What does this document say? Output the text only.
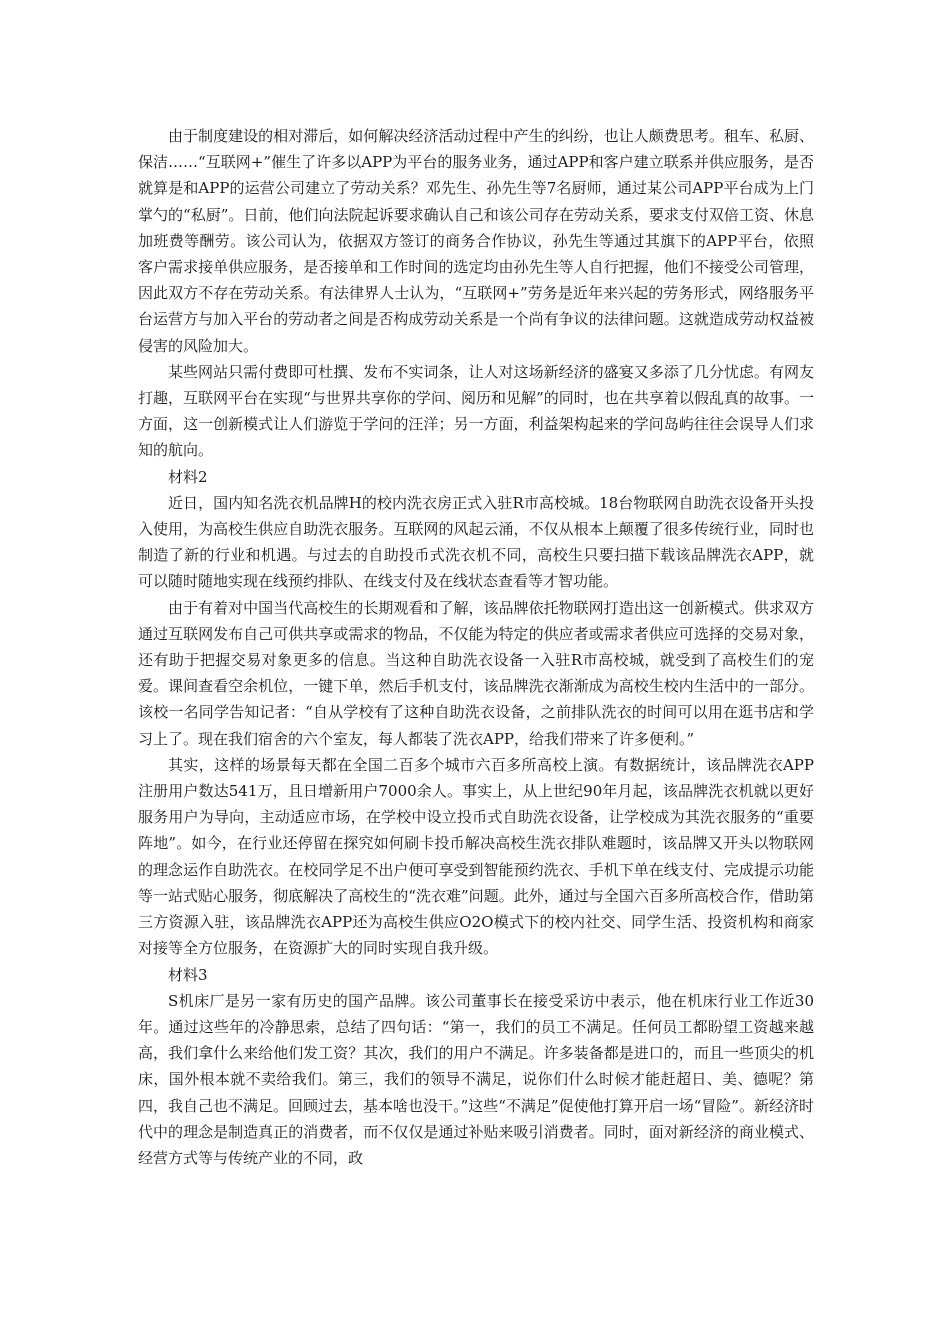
由于制度建设的相对滞后，如何解决经济活动过程中产生的纠纷，也让人颇费思考。租车、私厨、保洁……“互联网+”催生了许多以APP为平台的服务业务，通过APP和客户建立联系并供应服务，是否就算是和APP的运营公司建立了劳动关系？邓先生、孙先生等7名厨师，通过某公司APP平台成为上门掌勺的“私厨”。日前，他们向法院起诉要求确认自己和该公司存在劳动关系，要求支付双倍工资、休息加班费等酬劳。该公司认为，依据双方签订的商务合作协议，孙先生等通过其旗下的APP平台，依照客户需求接单供应服务，是否接单和工作时间的选定均由孙先生等人自行把握，他们不接受公司管理，因此双方不存在劳动关系。有法律界人士认为，“互联网+”劳务是近年来兴起的劳务形式，网络服务平台运营方与加入平台的劳动者之间是否构成劳动关系是一个尚有争议的法律问题。这就造成劳动权益被侵害的风险加大。

某些网站只需付费即可杜撰、发布不实词条，让人对这场新经济的盛宴又多添了几分忧虑。有网友打趣，互联网平台在实现“与世界共享你的学问、阅历和见解”的同时，也在共享着以假乱真的故事。一方面，这一创新模式让人们游览于学问的汪洋；另一方面，利益架构起来的学问岛屿往往会误导人们求知的航向。

材料2

近日，国内知名洗衣机品牌H的校内洗衣房正式入驻R市高校城。18台物联网自助洗衣设备开头投入使用，为高校生供应自助洗衣服务。互联网的风起云涌，不仅从根本上颠覆了很多传统行业，同时也制造了新的行业和机遇。与过去的自助投币式洗衣机不同，高校生只要扫描下载该品牌洗衣APP，就可以随时随地实现在线预约排队、在线支付及在线状态查看等才智功能。

由于有着对中国当代高校生的长期观看和了解，该品牌依托物联网打造出这一创新模式。供求双方通过互联网发布自己可供共享或需求的物品，不仅能为特定的供应者或需求者供应可选择的交易对象，还有助于把握交易对象更多的信息。当这种自助洗衣设备一入驻R市高校城，就受到了高校生们的宠爱。课间查看空余机位，一键下单，然后手机支付，该品牌洗衣渐渐成为高校生校内生活中的一部分。该校一名同学告知记者：“自从学校有了这种自助洗衣设备，之前排队洗衣的时间可以用在逛书店和学习上了。现在我们宿舍的六个室友，每人都装了洗衣APP，给我们带来了许多便利。”

其实，这样的场景每天都在全国二百多个城市六百多所高校上演。有数据统计，该品牌洗衣APP注册用户数达541万，且日增新用户7000余人。事实上，从上世纪90年月起，该品牌洗衣机就以更好服务用户为导向，主动适应市场，在学校中设立投币式自助洗衣设备，让学校成为其洗衣服务的“重要阵地”。如今，在行业还停留在探究如何刷卡投币解决高校生洗衣排队难题时，该品牌又开头以物联网的理念运作自助洗衣。在校同学足不出户便可享受到智能预约洗衣、手机下单在线支付、完成提示功能等一站式贴心服务，彻底解决了高校生的“洗衣难”问题。此外，通过与全国六百多所高校合作，借助第三方资源入驻，该品牌洗衣APP还为高校生供应O2O模式下的校内社交、同学生活、投资机构和商家对接等全方位服务，在资源扩大的同时实现自我升级。

材料3

S机床厂是另一家有历史的国产品牌。该公司董事长在接受采访中表示，他在机床行业工作近30年。通过这些年的冷静思索，总结了四句话：“第一，我们的员工不满足。任何员工都盼望工资越来越高，我们拿什么来给他们发工资？其次，我们的用户不满足。许多装备都是进口的，而且一些顶尖的机床，国外根本就不卖给我们。第三，我们的领导不满足，说你们什么时候才能赶超日、美、德呢？第四，我自己也不满足。回顾过去，基本啥也没干。”这些“不满足”促使他打算开启一场“冒险”。新经济时代中的理念是制造真正的消费者，而不仅仅是通过补贴来吸引消费者。同时，面对新经济的商业模式、经营方式等与传统产业的不同，政
